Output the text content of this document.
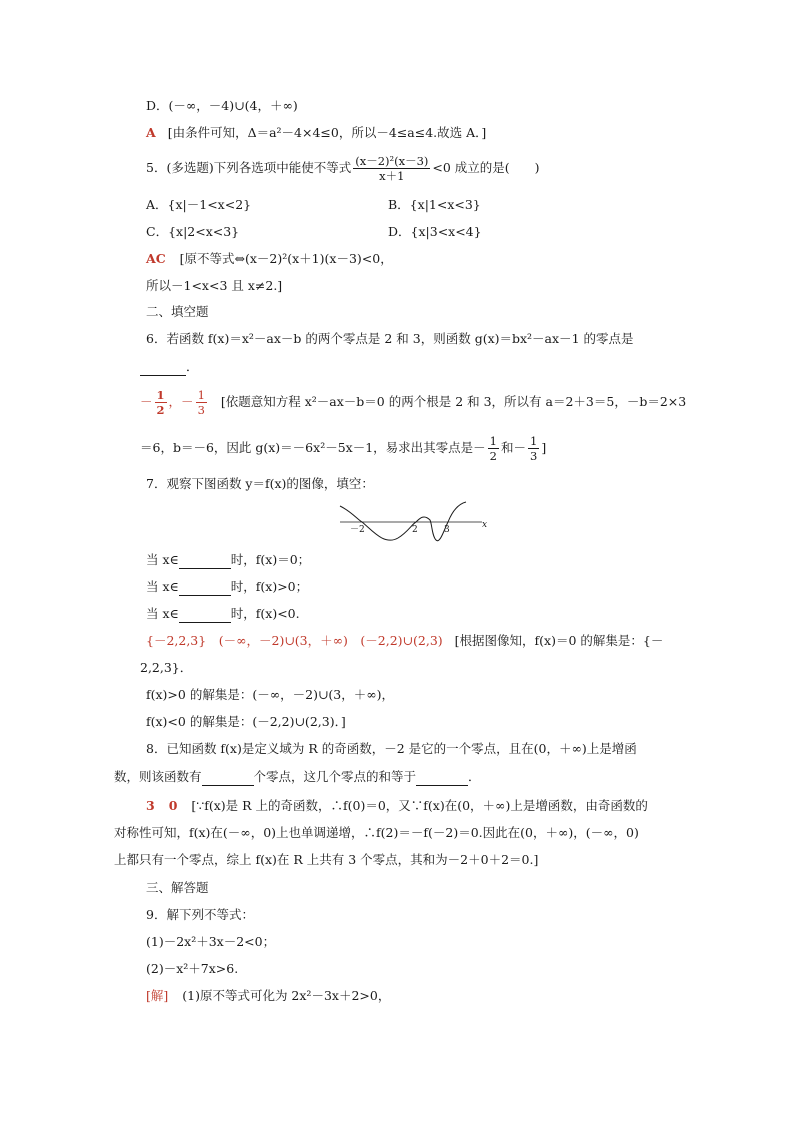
D．(－∞，－4)∪(4，＋∞)
A [由条件可知，Δ＝a²－4×4≤0，所以－4≤a≤4.故选 A．]
5．(多选题)下列各选项中能使不等式 $\frac{\text{(x－2)²(x－3)}}{x+1} <0$ 成立的是(　　)
A．{x|－1<x<2}	B．{x|1<x<3}
C．{x|2<x<3}	D．{x|3<x<4}
AC [原不等式⇔(x－2)²(x＋1)(x－3)<0，
所以－1<x<3 且 x≠2.]
二、填空题
6．若函数 f(x)＝x²－ax－b 的两个零点是 2 和 3，则函数 g(x)＝bx²－ax－1 的零点是
．
－ $\frac{1}{2}$ ，－ $\frac{1}{3}$ [依题意知方程 x²－ax－b＝0 的两个根是 2 和 3，所以有 a＝2＋3＝5，－b＝2×3
＝6，b＝－6，因此 g(x)＝－6x²－5x－1，易求出其零点是－ $\frac{1}{2}$ 和－ $\frac{1}{3}$ ]
7．观察下图函数 y＝f(x)的图像，填空：
－2	2	3	x
当 x∈	时，f(x)＝0；
当 x∈	时，f(x)>0；
当 x∈	时，f(x)<0.
{－2,2,3}　(－∞，－2)∪(3，＋∞)　(－2,2)∪(2,3) [根据图像知，f(x)＝0 的解集是：{－
2,2,3}．
f(x)>0 的解集是：(－∞，－2)∪(3，＋∞)，
f(x)<0 的解集是：(－2,2)∪(2,3)．]
8．已知函数 f(x)是定义域为 R 的奇函数，－2 是它的一个零点，且在(0，＋∞)上是增函
数，则该函数有	个零点，这几个零点的和等于	．
3 0 [∵f(x)是 R 上的奇函数，∴f(0)＝0，又∵f(x)在(0，＋∞)上是增函数，由奇函数的
对称性可知，f(x)在(－∞，0)上也单调递增，∴f(2)＝－f(－2)＝0.因此在(0，＋∞)，(－∞，0)
上都只有一个零点，综上 f(x)在 R 上共有 3 个零点，其和为－2＋0＋2＝0.]
三、解答题
9．解下列不等式：
(1)－2x²＋3x－2<0；
(2)－x²＋7x>6.
[解] (1)原不等式可化为 2x²－3x＋2>0，
